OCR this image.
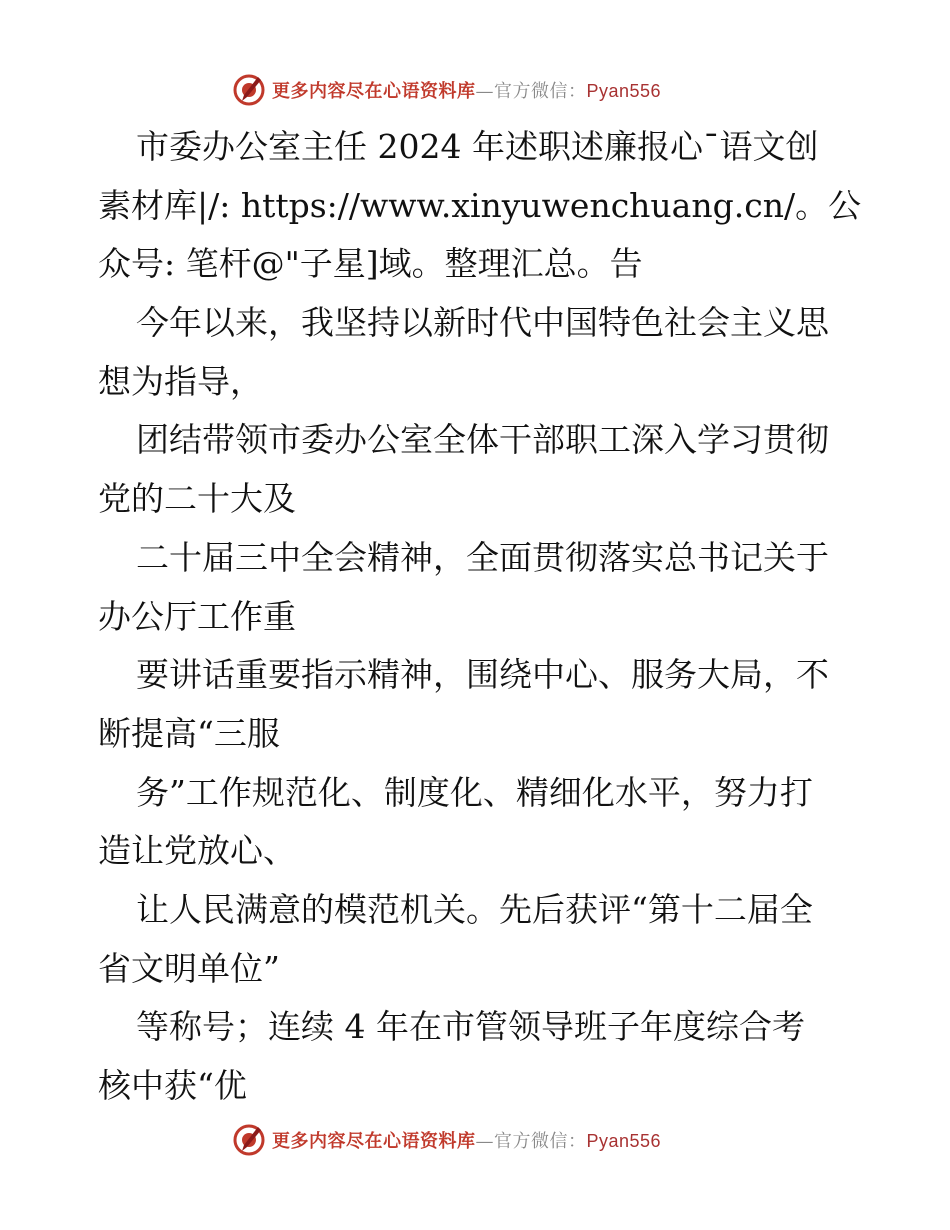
更多内容尽在心语资料库—官方微信：Pyan556
市委办公室主任 2024 年述职述廉报心¯语文创
素材库|/: https://www.xinyuwenchuang.cn/。公
众号: 笔杆@"子星]域。整理汇总。告
今年以来，我坚持以新时代中国特色社会主义思
想为指导，
团结带领市委办公室全体干部职工深入学习贯彻
党的二十大及
二十届三中全会精神，全面贯彻落实总书记关于
办公厅工作重
要讲话重要指示精神，围绕中心、服务大局，不
断提高“三服
务”工作规范化、制度化、精细化水平，努力打
造让党放心、
让人民满意的模范机关。先后获评“第十二届全
省文明单位”
等称号；连续 4 年在市管领导班子年度综合考
核中获“优
更多内容尽在心语资料库—官方微信：Pyan556
